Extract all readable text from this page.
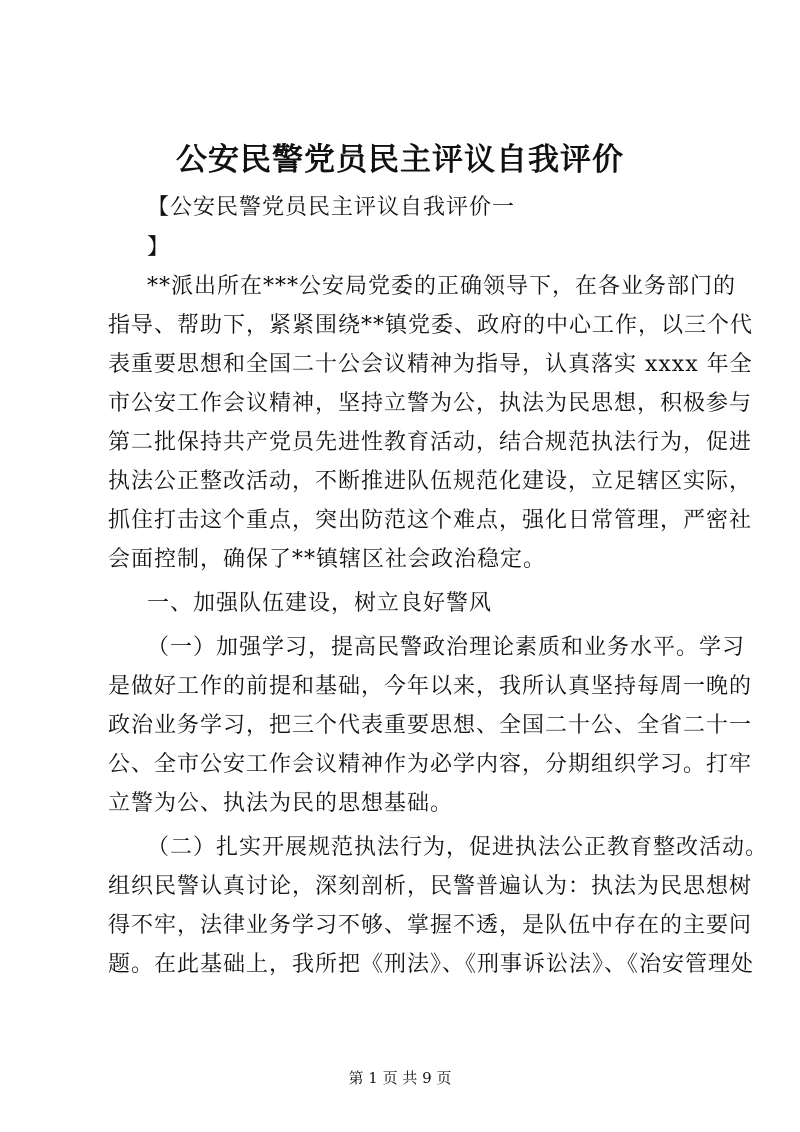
公安民警党员民主评议自我评价
【公安民警党员民主评议自我评价一
】
**派出所在***公安局党委的正确领导下，在各业务部门的
指导、帮助下，紧紧围绕**镇党委、政府的中心工作，以三个代
表重要思想和全国二十公会议精神为指导，认真落实 xxxx 年全
市公安工作会议精神，坚持立警为公，执法为民思想，积极参与
第二批保持共产党员先进性教育活动，结合规范执法行为，促进
执法公正整改活动，不断推进队伍规范化建设，立足辖区实际，
抓住打击这个重点，突出防范这个难点，强化日常管理，严密社
会面控制，确保了**镇辖区社会政治稳定。
一、加强队伍建设，树立良好警风
（一）加强学习，提高民警政治理论素质和业务水平。学习
是做好工作的前提和基础，今年以来，我所认真坚持每周一晚的
政治业务学习，把三个代表重要思想、全国二十公、全省二十一
公、全市公安工作会议精神作为必学内容，分期组织学习。打牢
立警为公、执法为民的思想基础。
（二）扎实开展规范执法行为，促进执法公正教育整改活动。
组织民警认真讨论，深刻剖析，民警普遍认为：执法为民思想树
得不牢，法律业务学习不够、掌握不透，是队伍中存在的主要问
题。在此基础上，我所把《刑法》、《刑事诉讼法》、《治安管理处
第 1 页 共 9 页
